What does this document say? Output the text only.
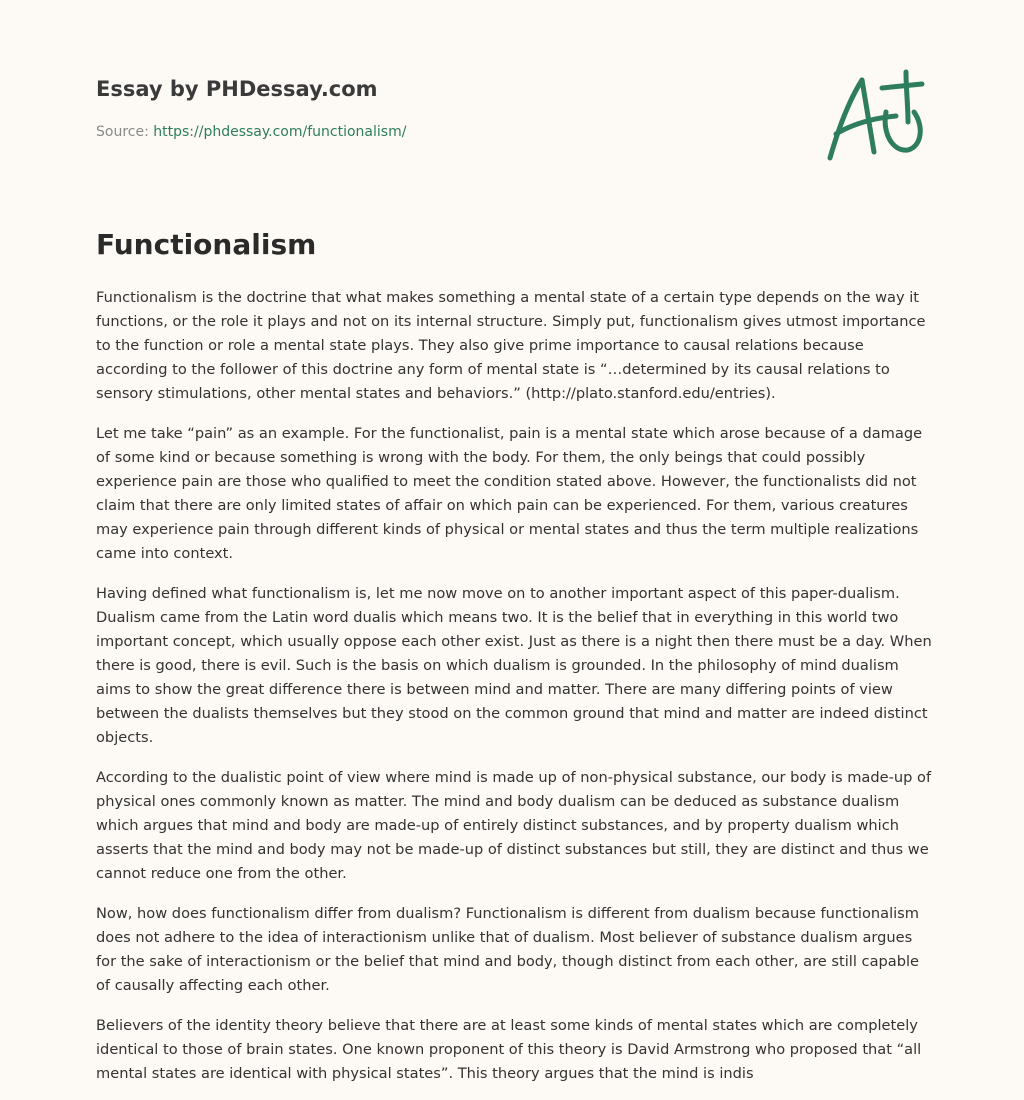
Essay by PHDessay.com
Source: https://phdessay.com/functionalism/
Functionalism

Functionalism is the doctrine that what makes something a mental state of a certain type depends on the way it functions, or the role it plays and not on its internal structure. Simply put, functionalism gives utmost importance to the function or role a mental state plays. They also give prime importance to causal relations because according to the follower of this doctrine any form of mental state is “…determined by its causal relations to sensory stimulations, other mental states and behaviors.” (http://plato.stanford.edu/entries).

Let me take “pain” as an example. For the functionalist, pain is a mental state which arose because of a damage of some kind or because something is wrong with the body. For them, the only beings that could possibly experience pain are those who qualified to meet the condition stated above. However, the functionalists did not claim that there are only limited states of affair on which pain can be experienced. For them, various creatures may experience pain through different kinds of physical or mental states and thus the term multiple realizations came into context.

Having defined what functionalism is, let me now move on to another important aspect of this paper-dualism. Dualism came from the Latin word dualis which means two. It is the belief that in everything in this world two important concept, which usually oppose each other exist. Just as there is a night then there must be a day. When there is good, there is evil. Such is the basis on which dualism is grounded. In the philosophy of mind dualism aims to show the great difference there is between mind and matter. There are many differing points of view between the dualists themselves but they stood on the common ground that mind and matter are indeed distinct objects.

According to the dualistic point of view where mind is made up of non-physical substance, our body is made-up of physical ones commonly known as matter. The mind and body dualism can be deduced as substance dualism which argues that mind and body are made-up of entirely distinct substances, and by property dualism which asserts that the mind and body may not be made-up of distinct substances but still, they are distinct and thus we cannot reduce one from the other.

Now, how does functionalism differ from dualism? Functionalism is different from dualism because functionalism does not adhere to the idea of interactionism unlike that of dualism. Most believer of substance dualism argues for the sake of interactionism or the belief that mind and body, though distinct from each other, are still capable of causally affecting each other.

Believers of the identity theory believe that there are at least some kinds of mental states which are completely identical to those of brain states. One known proponent of this theory is David Armstrong who proposed that “all mental states are identical with physical states”. This theory argues that the mind is indis
